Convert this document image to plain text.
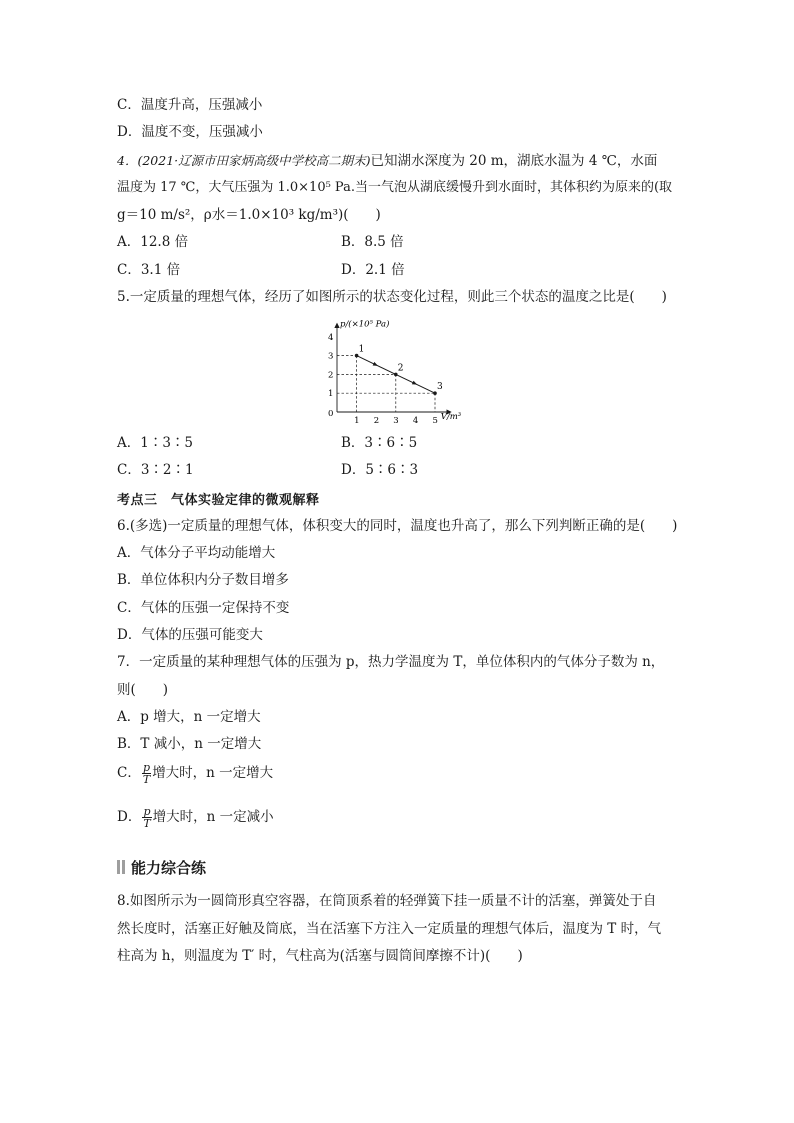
C．温度升高，压强减小
D．温度不变，压强减小
4．(2021·辽源市田家炳高级中学校高二期末)已知湖水深度为 20 m，湖底水温为 4 ℃，水面
温度为 17 ℃，大气压强为 1.0×10⁵ Pa.当一气泡从湖底缓慢升到水面时，其体积约为原来的(取
g＝10 m/s²，ρ水＝1.0×10³ kg/m³)(　　)
A．12.8 倍	B．8.5 倍
C．3.1 倍	D．2.1 倍
5.一定质量的理想气体，经历了如图所示的状态变化过程，则此三个状态的温度之比是(　　)
p/(×10⁵ Pa)
V/m³
0
1 2 3 4 5
1
2
3
4
1
2
3
A．1∶3∶5	B．3∶6∶5
C．3∶2∶1	D．5∶6∶3
考点三　气体实验定律的微观解释
6.(多选)一定质量的理想气体，体积变大的同时，温度也升高了，那么下列判断正确的是(　　)
A．气体分子平均动能增大
B．单位体积内分子数目增多
C．气体的压强一定保持不变
D．气体的压强可能变大
7．一定质量的某种理想气体的压强为 p，热力学温度为 T，单位体积内的气体分子数为 n，
则(　　)
A．p 增大，n 一定增大
B．T 减小，n 一定增大
C． $\frac{p}{T}$ 增大时，n 一定增大
D． $\frac{p}{T}$ 增大时，n 一定减小
能力综合练
8.如图所示为一圆筒形真空容器，在筒顶系着的轻弹簧下挂一质量不计的活塞，弹簧处于自
然长度时，活塞正好触及筒底，当在活塞下方注入一定质量的理想气体后，温度为 T 时，气
柱高为 h，则温度为 T′ 时，气柱高为(活塞与圆筒间摩擦不计)(　　)
